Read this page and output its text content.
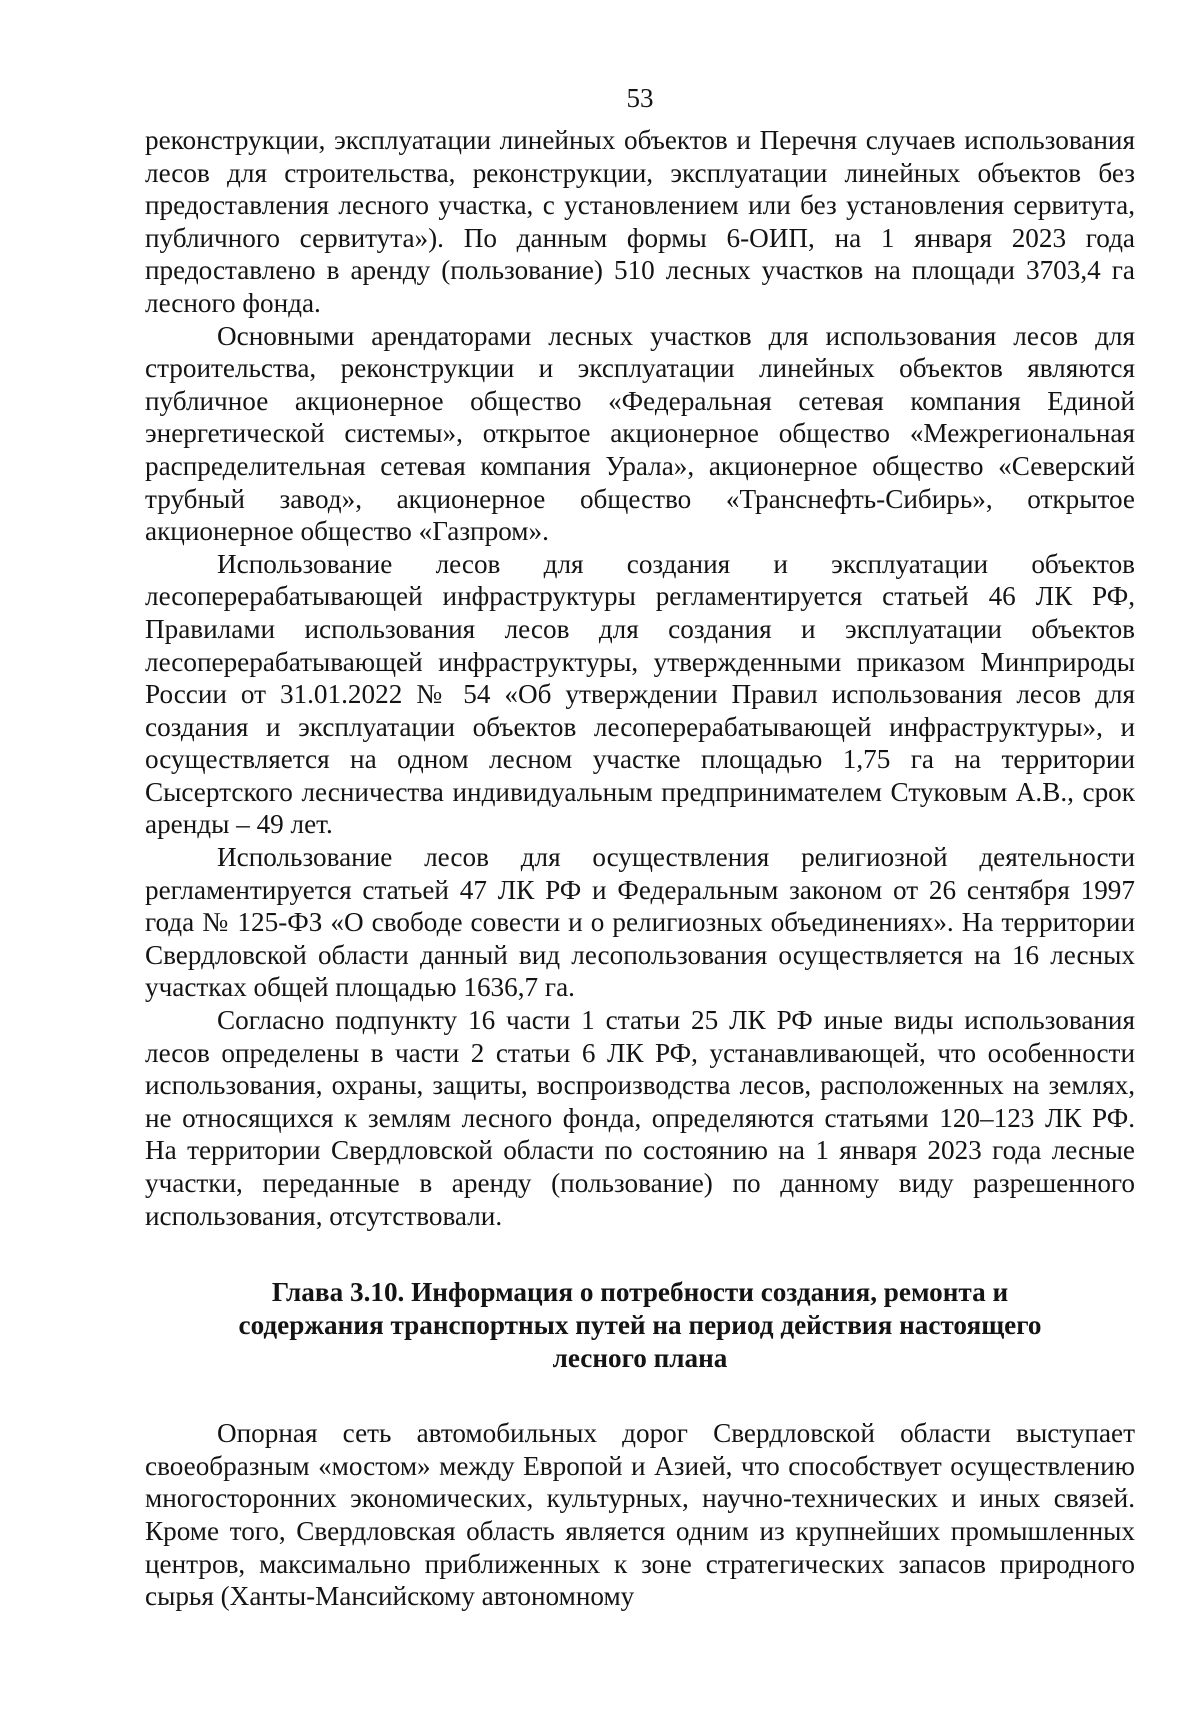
53

реконструкции, эксплуатации линейных объектов и Перечня случаев использования лесов для строительства, реконструкции, эксплуатации линейных объектов без предоставления лесного участка, с установлением или без установления сервитута, публичного сервитута»). По данным формы 6-ОИП, на 1 января 2023 года предоставлено в аренду (пользование) 510 лесных участков на площади 3703,4 га лесного фонда.

Основными арендаторами лесных участков для использования лесов для строительства, реконструкции и эксплуатации линейных объектов являются публичное акционерное общество «Федеральная сетевая компания Единой энергетической системы», открытое акционерное общество «Межрегиональная распределительная сетевая компания Урала», акционерное общество «Северский трубный завод», акционерное общество «Транснефть-Сибирь», открытое акционерное общество «Газпром».

Использование лесов для создания и эксплуатации объектов лесоперерабатывающей инфраструктуры регламентируется статьей 46 ЛК РФ, Правилами использования лесов для создания и эксплуатации объектов лесоперерабатывающей инфраструктуры, утвержденными приказом Минприроды России от 31.01.2022 № 54 «Об утверждении Правил использования лесов для создания и эксплуатации объектов лесоперерабатывающей инфраструктуры», и осуществляется на одном лесном участке площадью 1,75 га на территории Сысертского лесничества индивидуальным предпринимателем Стуковым А.В., срок аренды – 49 лет.

Использование лесов для осуществления религиозной деятельности регламентируется статьей 47 ЛК РФ и Федеральным законом от 26 сентября 1997 года № 125-ФЗ «О свободе совести и о религиозных объединениях». На территории Свердловской области данный вид лесопользования осуществляется на 16 лесных участках общей площадью 1636,7 га.

Согласно подпункту 16 части 1 статьи 25 ЛК РФ иные виды использования лесов определены в части 2 статьи 6 ЛК РФ, устанавливающей, что особенности использования, охраны, защиты, воспроизводства лесов, расположенных на землях, не относящихся к землям лесного фонда, определяются статьями 120–123 ЛК РФ. На территории Свердловской области по состоянию на 1 января 2023 года лесные участки, переданные в аренду (пользование) по данному виду разрешенного использования, отсутствовали.

Глава 3.10. Информация о потребности создания, ремонта и содержания транспортных путей на период действия настоящего лесного плана

Опорная сеть автомобильных дорог Свердловской области выступает своеобразным «мостом» между Европой и Азией, что способствует осуществлению многосторонних экономических, культурных, научно-технических и иных связей. Кроме того, Свердловская область является одним из крупнейших промышленных центров, максимально приближенных к зоне стратегических запасов природного сырья (Ханты-Мансийскому автономному
